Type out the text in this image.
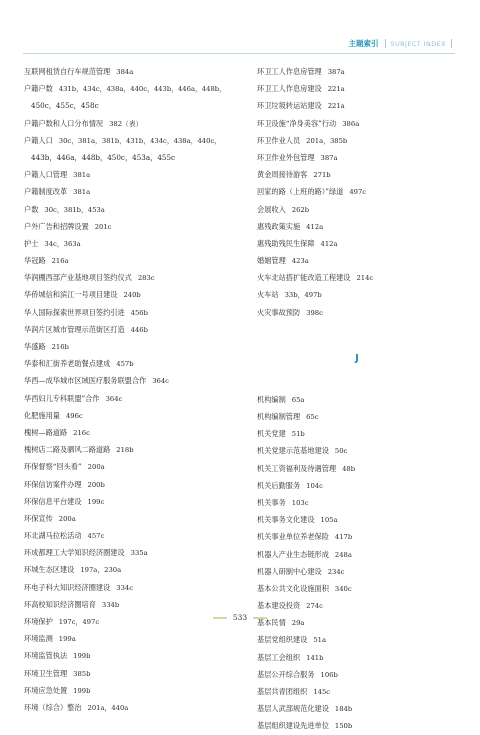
主题索引 SUBJECT INDEX
互联网租赁自行车规范管理 384a
户籍户数 431b，434c，438a，440c，443b，446a，448b，
450c，455c，458c
户籍户数和人口分布情况 382（表）
户籍人口 30c，381a，381b，431b，434c，438a，440c，
443b，446a，448b，450c，453a，455c
户籍人口管理 381a
户籍制度改革 381a
户数 30c，381b，453a
户外广告和招牌设置 201c
护士 34c，363a
华冠路 216a
华润棚西部产业基地项目签约仪式 283c
华侨城信和滨江一号项目建设 240b
华人国际探索世界项目签约引进 456b
华润片区城市管理示范街区打造 446b
华盛路 216b
华泰和汇街养老助餐点建成 457b
华西—成华城市区域医疗服务联盟合作 364c
华西妇儿专科联盟”合作 364c
化肥施用量 496c
槐树—路道路 216c
槐树店二路及驷风二路道路 218b
环保督察“回头看” 200a
环保信访案件办理 200b
环保信息平台建设 199c
环保宣传 200a
环北湖马拉松活动 457c
环成都理工大学知识经济圈建设 335a
环城生态区建设 197a，230a
环电子科大知识经济圈建设 334c
环高校知识经济圈培育 334b
环境保护 197c，497c
环境监测 199a
环境监管执法 199b
环境卫生管理 385b
环境应急处置 199b
环境（综合）整治 201a，440a
环卫工人作息房管理 387a
环卫工人作息房建设 221a
环卫垃圾转运站建设 221a
环卫设施“净身美容”行动 386a
环卫作业人员 201a，385b
环卫作业外包管理 387a
黄金周接待游客 271b
回家的路（上班的路）”绿道 497c
会展收入 262b
惠残政策实施 412a
惠残助残民生保障 412a
婚姻管理 423a
火车北站搭扩能改造工程建设 214c
火车站 33b，497b
火灾事故预防 398c
J
机构编制 65a
机构编制管理 65c
机关党建 51b
机关党建示范基地建设 50c
机关工资福利及待遇管理 48b
机关后勤服务 104c
机关事务 103c
机关事务文化建设 105a
机关事业单位养老保险 417b
机器人产业生态链形成 248a
机器人研制中心建设 234c
基本公共文化设施面积 340c
基本建设投资 274c
基本民情 29a
基层党组织建设 51a
基层工会组织 141b
基层公开综合服务 106b
基层共青团组织 145c
基层人武部规范化建设 184b
基层组织建设先进单位 150b
533
